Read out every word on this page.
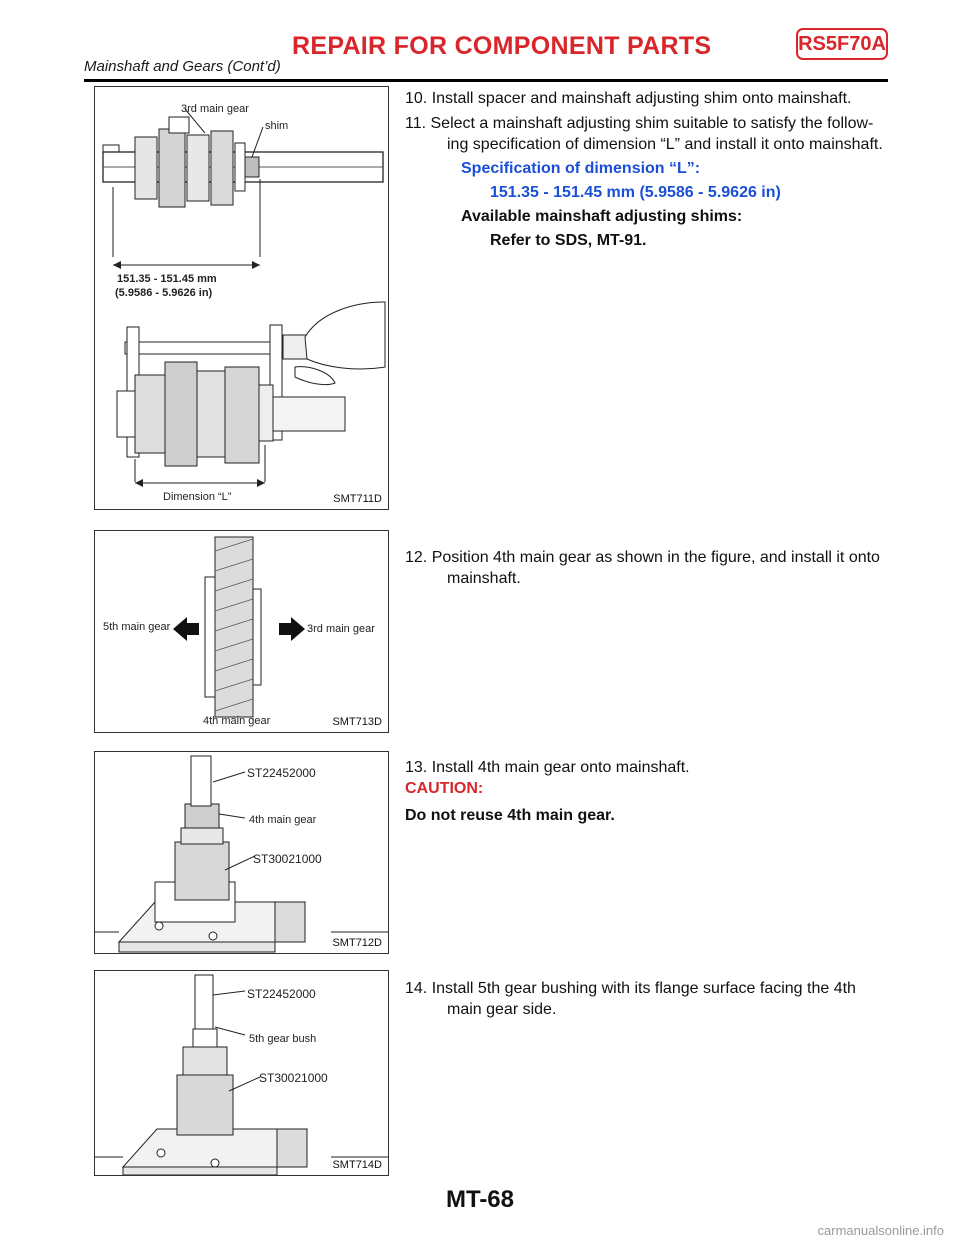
REPAIR FOR COMPONENT PARTS	RS5F70A
Mainshaft and Gears (Cont’d)
3rd main gear
shim
151.35 - 151.45 mm
(5.9586 - 5.9626 in)
Dimension “L”	SMT711D
5th main gear	3rd main gear
4th main gear	SMT713D
ST22452000
4th main gear
ST30021000
SMT712D
ST22452000
5th gear bush
ST30021000
SMT714D

10. Install spacer and mainshaft adjusting shim onto mainshaft.

11. Select a mainshaft adjusting shim suitable to satisfy the follow-ing specification of dimension “L” and install it onto mainshaft.

Specification of dimension “L”:
151.35 - 151.45 mm (5.9586 - 5.9626 in)
Available mainshaft adjusting shims:
Refer to SDS, MT-91.

12. Position 4th main gear as shown in the figure, and install it onto mainshaft.

13. Install 4th main gear onto mainshaft.

CAUTION:
Do not reuse 4th main gear.

14. Install 5th gear bushing with its flange surface facing the 4th main gear side.

MT-68
carmanualsonline.info
